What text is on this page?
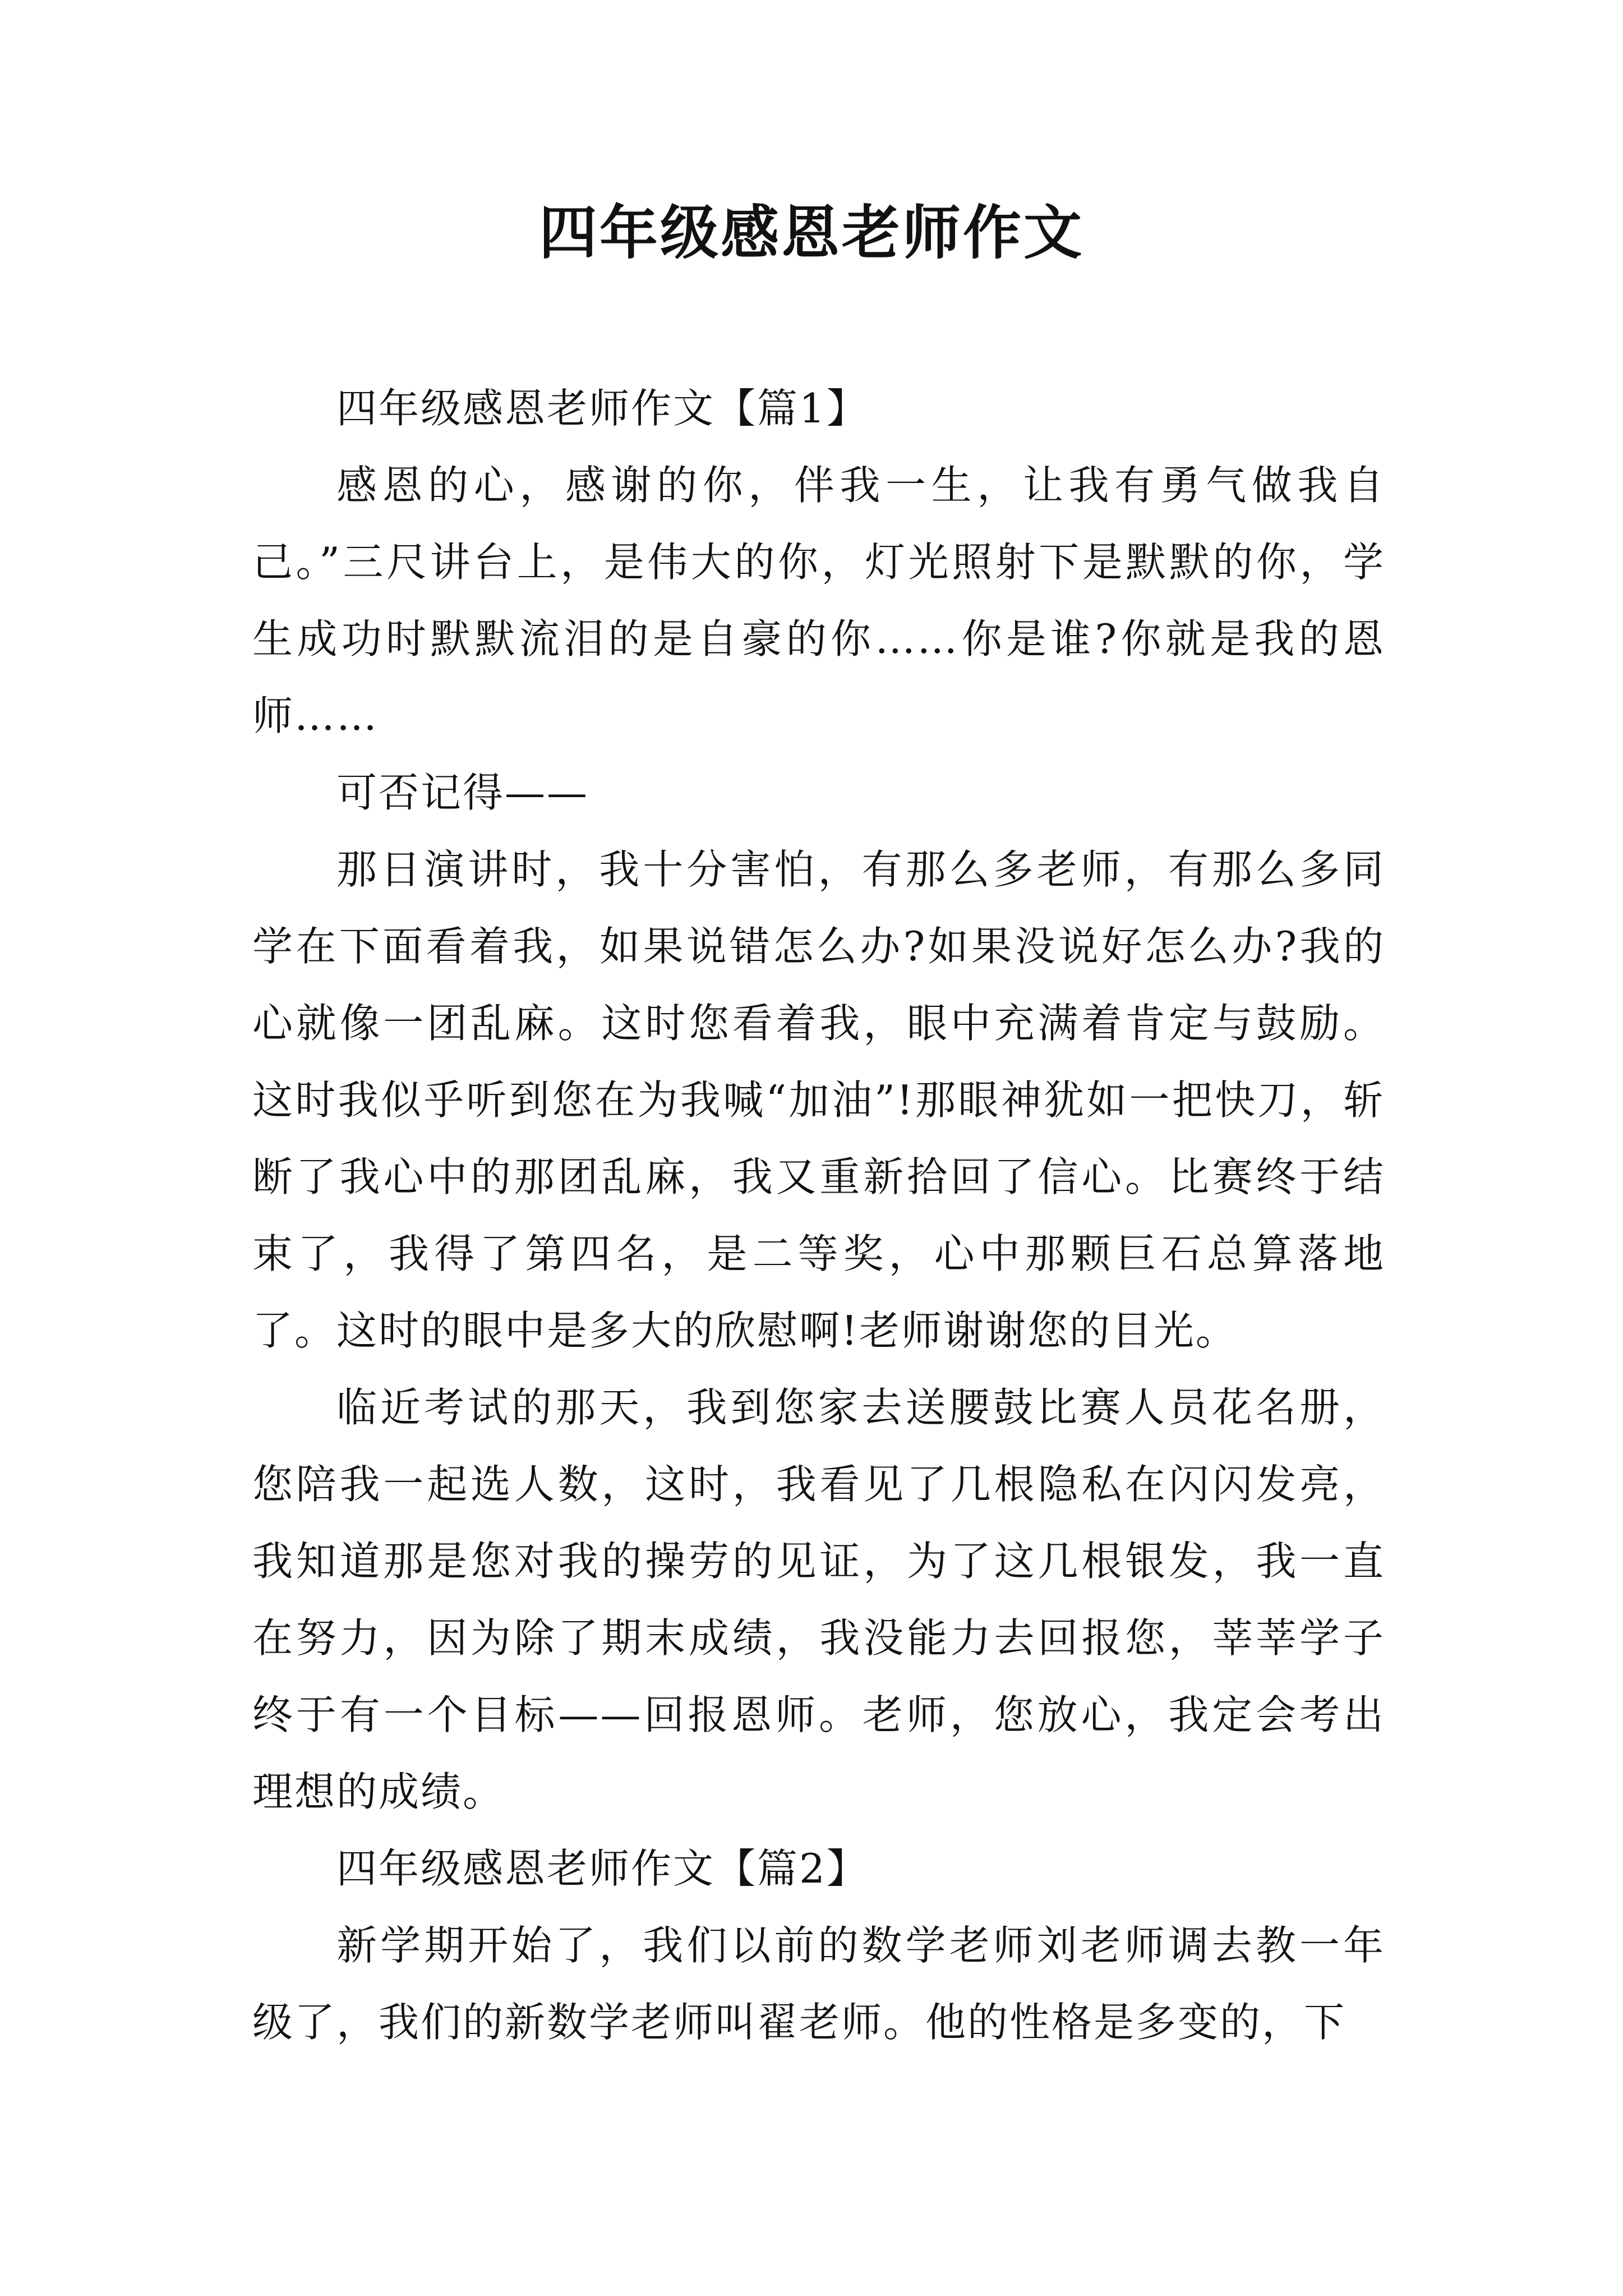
四年级感恩老师作文

四年级感恩老师作文【篇1】

感恩的心，感谢的你，伴我一生，让我有勇气做我自己。”三尺讲台上，是伟大的你，灯光照射下是默默的你，学生成功时默默流泪的是自豪的你……你是谁?你就是我的恩师……

可否记得——

那日演讲时，我十分害怕，有那么多老师，有那么多同学在下面看着我，如果说错怎么办?如果没说好怎么办?我的心就像一团乱麻。这时您看着我，眼中充满着肯定与鼓励。这时我似乎听到您在为我喊“加油”!那眼神犹如一把快刀，斩断了我心中的那团乱麻，我又重新拾回了信心。比赛终于结束了，我得了第四名，是二等奖，心中那颗巨石总算落地了。这时的眼中是多大的欣慰啊!老师谢谢您的目光。

临近考试的那天，我到您家去送腰鼓比赛人员花名册，您陪我一起选人数，这时，我看见了几根隐私在闪闪发亮，我知道那是您对我的操劳的见证，为了这几根银发，我一直在努力，因为除了期末成绩，我没能力去回报您，莘莘学子终于有一个目标——回报恩师。老师，您放心，我定会考出理想的成绩。

四年级感恩老师作文【篇2】

新学期开始了，我们以前的数学老师刘老师调去教一年级了，我们的新数学老师叫翟老师。他的性格是多变的，下
